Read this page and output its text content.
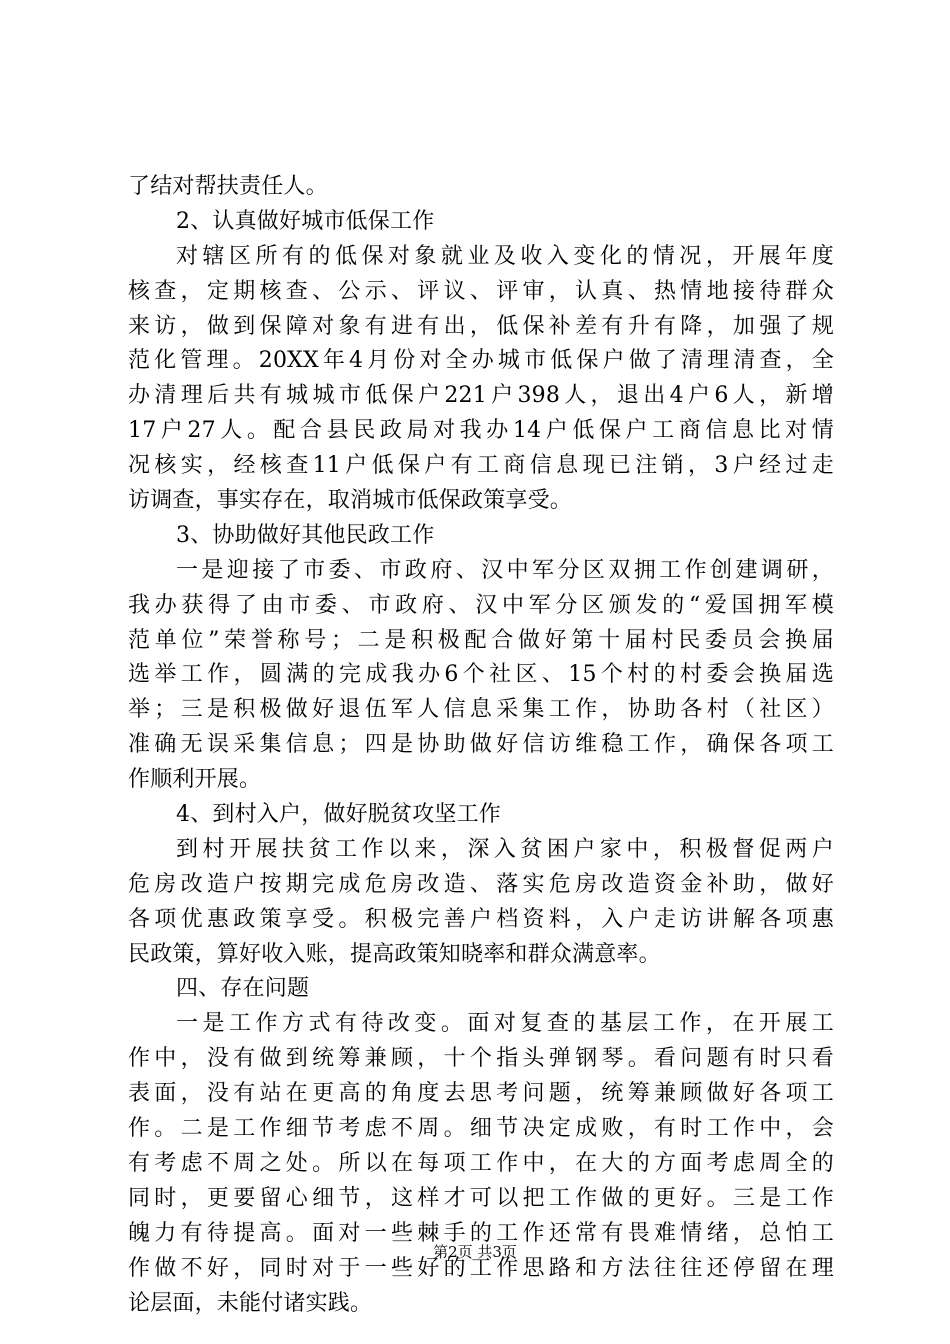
了结对帮扶责任人。
2、认真做好城市低保工作
对辖区所有的低保对象就业及收入变化的情况，开展年度
核查，定期核查、公示、评议、评审，认真、热情地接待群众
来访，做到保障对象有进有出，低保补差有升有降，加强了规
范化管理。20XX年4月份对全办城市低保户做了清理清查，全
办清理后共有城城市低保户221户398人，退出4户6人，新增
17户27人。配合县民政局对我办14户低保户工商信息比对情
况核实，经核查11户低保户有工商信息现已注销，3户经过走
访调查，事实存在，取消城市低保政策享受。
3、协助做好其他民政工作
一是迎接了市委、市政府、汉中军分区双拥工作创建调研，
我办获得了由市委、市政府、汉中军分区颁发的“爱国拥军模
范单位”荣誉称号；二是积极配合做好第十届村民委员会换届
选举工作，圆满的完成我办6个社区、15个村的村委会换届选
举；三是积极做好退伍军人信息采集工作，协助各村（社区）
准确无误采集信息；四是协助做好信访维稳工作，确保各项工
作顺利开展。
4、到村入户，做好脱贫攻坚工作
到村开展扶贫工作以来，深入贫困户家中，积极督促两户
危房改造户按期完成危房改造、落实危房改造资金补助，做好
各项优惠政策享受。积极完善户档资料，入户走访讲解各项惠
民政策，算好收入账，提高政策知晓率和群众满意率。
四、存在问题
一是工作方式有待改变。面对复查的基层工作，在开展工
作中，没有做到统筹兼顾，十个指头弹钢琴。看问题有时只看
表面，没有站在更高的角度去思考问题，统筹兼顾做好各项工
作。二是工作细节考虑不周。细节决定成败，有时工作中，会
有考虑不周之处。所以在每项工作中，在大的方面考虑周全的
同时，更要留心细节，这样才可以把工作做的更好。三是工作
魄力有待提高。面对一些棘手的工作还常有畏难情绪，总怕工
作做不好，同时对于一些好的工作思路和方法往往还停留在理
论层面，未能付诸实践。
第2页 共3页
